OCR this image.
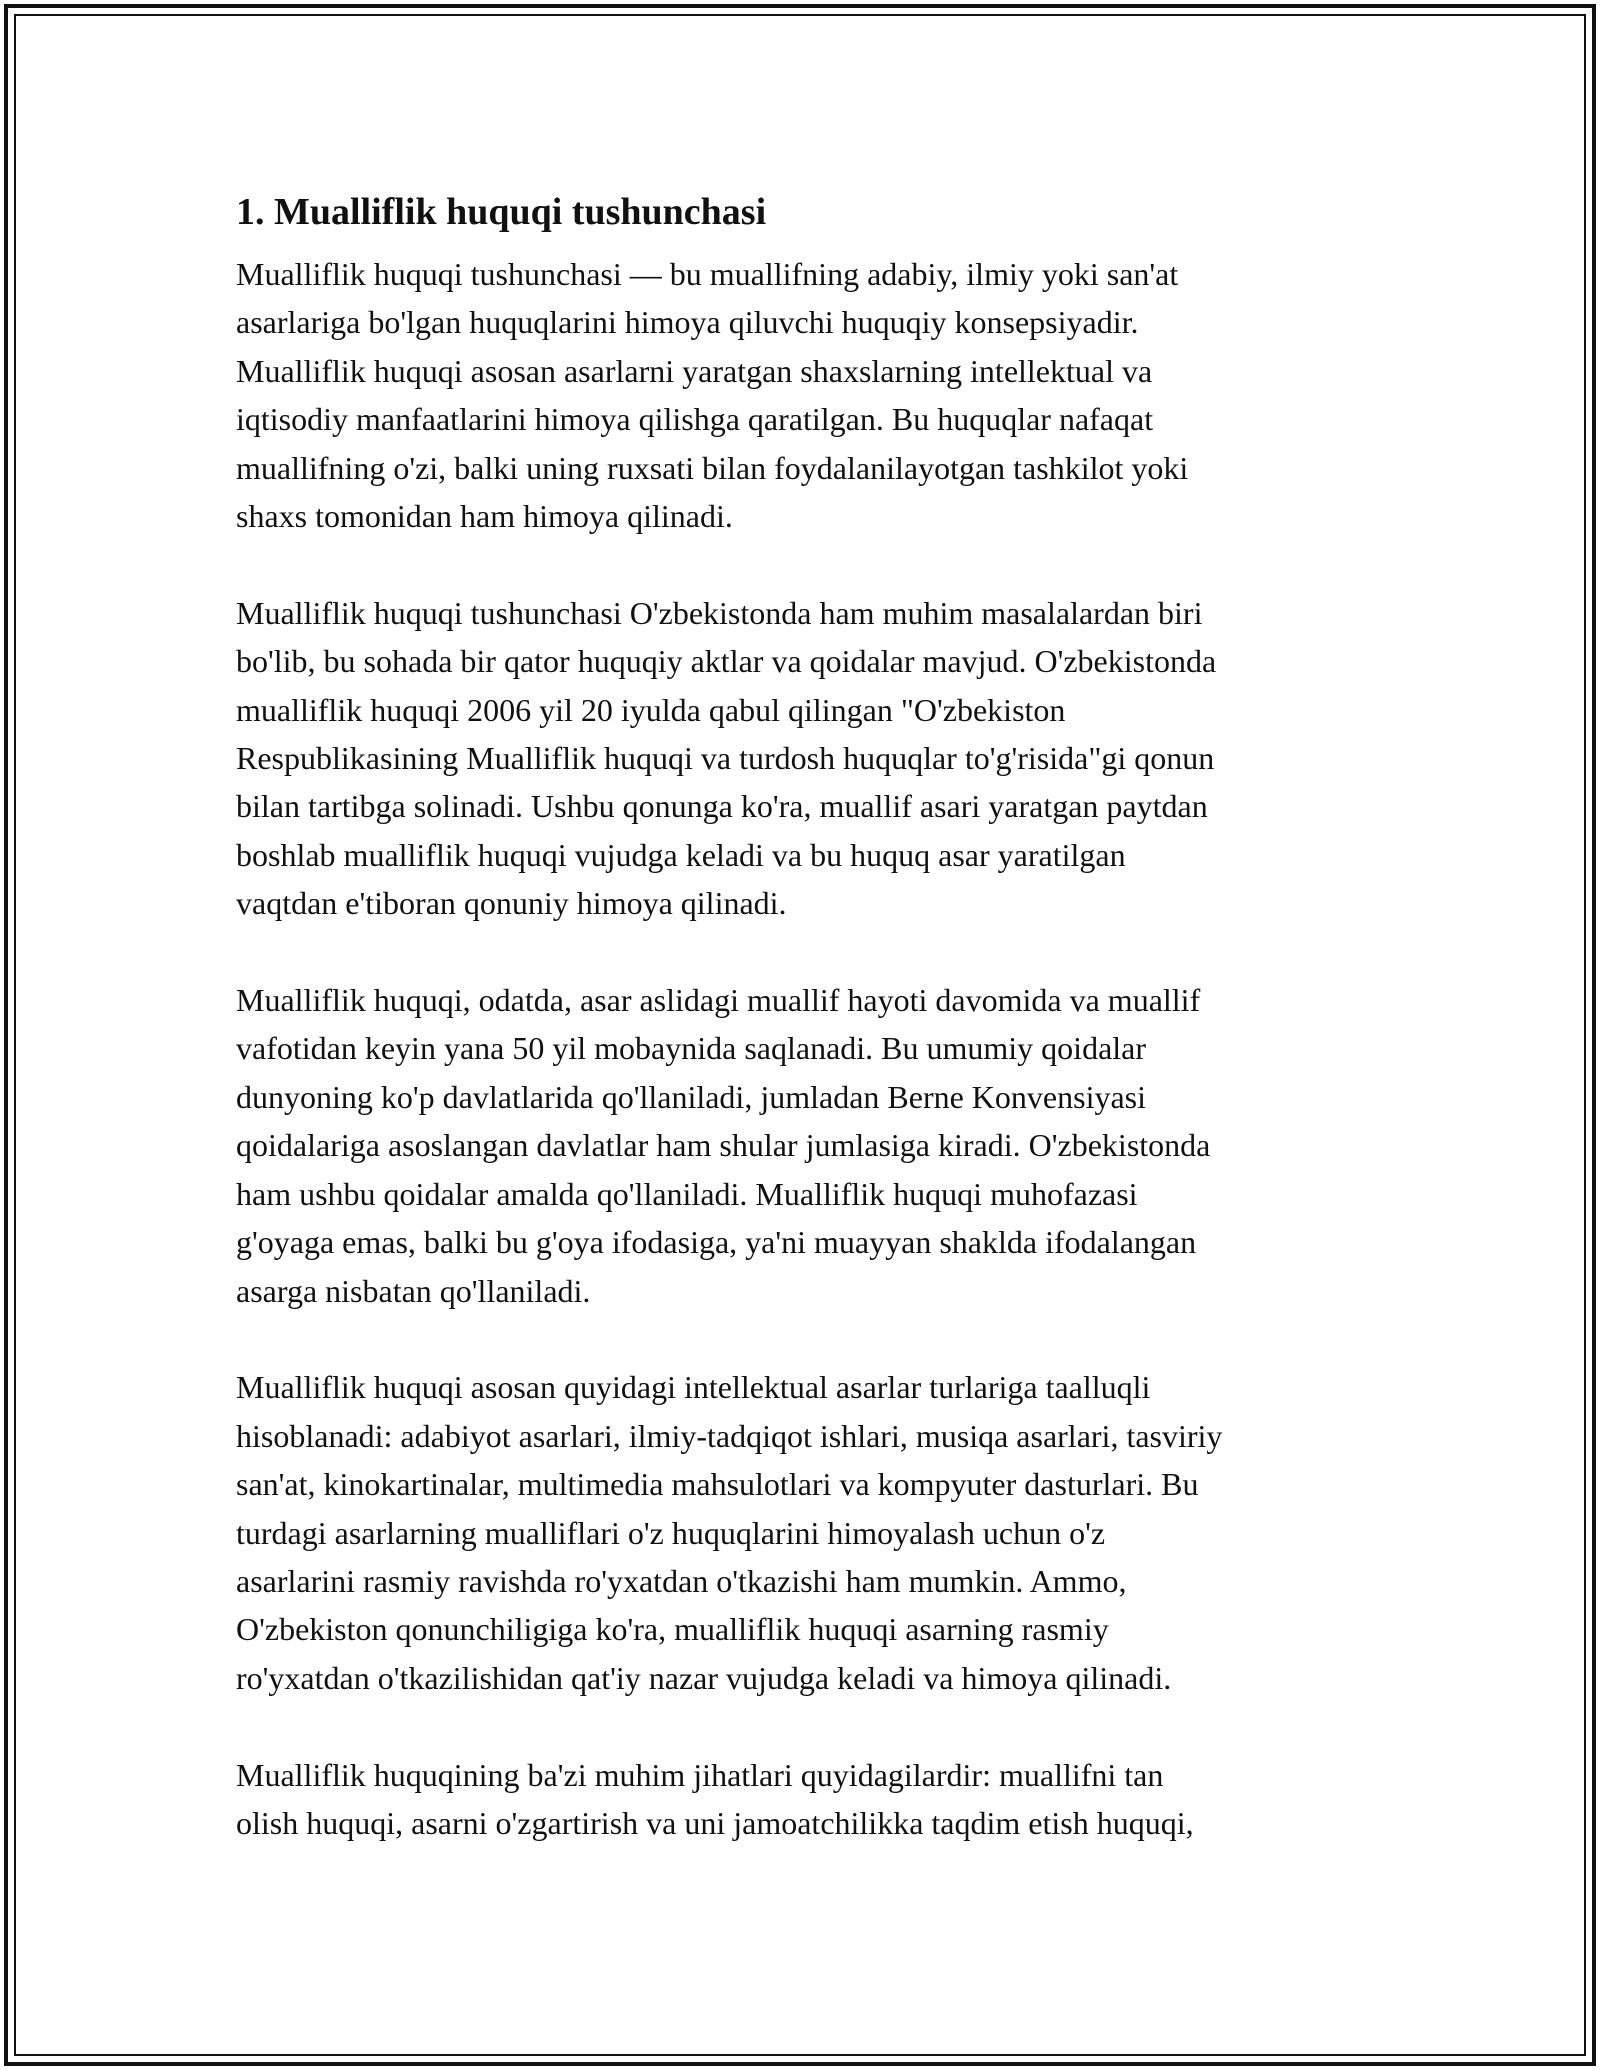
1. Mualliflik huquqi tushunchasi
Mualliflik huquqi tushunchasi — bu muallifning adabiy, ilmiy yoki san'at
asarlariga bo'lgan huquqlarini himoya qiluvchi huquqiy konsepsiyadir.
Mualliflik huquqi asosan asarlarni yaratgan shaxslarning intellektual va
iqtisodiy manfaatlarini himoya qilishga qaratilgan. Bu huquqlar nafaqat
muallifning o'zi, balki uning ruxsati bilan foydalanilayotgan tashkilot yoki
shaxs tomonidan ham himoya qilinadi.
Mualliflik huquqi tushunchasi O'zbekistonda ham muhim masalalardan biri
bo'lib, bu sohada bir qator huquqiy aktlar va qoidalar mavjud. O'zbekistonda
mualliflik huquqi 2006 yil 20 iyulda qabul qilingan "O'zbekiston
Respublikasining Mualliflik huquqi va turdosh huquqlar to'g'risida"gi qonun
bilan tartibga solinadi. Ushbu qonunga ko'ra, muallif asari yaratgan paytdan
boshlab mualliflik huquqi vujudga keladi va bu huquq asar yaratilgan
vaqtdan e'tiboran qonuniy himoya qilinadi.
Mualliflik huquqi, odatda, asar aslidagi muallif hayoti davomida va muallif
vafotidan keyin yana 50 yil mobaynida saqlanadi. Bu umumiy qoidalar
dunyoning ko'p davlatlarida qo'llaniladi, jumladan Berne Konvensiyasi
qoidalariga asoslangan davlatlar ham shular jumlasiga kiradi. O'zbekistonda
ham ushbu qoidalar amalda qo'llaniladi. Mualliflik huquqi muhofazasi
g'oyaga emas, balki bu g'oya ifodasiga, ya'ni muayyan shaklda ifodalangan
asarga nisbatan qo'llaniladi.
Mualliflik huquqi asosan quyidagi intellektual asarlar turlariga taalluqli
hisoblanadi: adabiyot asarlari, ilmiy-tadqiqot ishlari, musiqa asarlari, tasviriy
san'at, kinokartinalar, multimedia mahsulotlari va kompyuter dasturlari. Bu
turdagi asarlarning mualliflari o'z huquqlarini himoyalash uchun o'z
asarlarini rasmiy ravishda ro'yxatdan o'tkazishi ham mumkin. Ammo,
O'zbekiston qonunchiligiga ko'ra, mualliflik huquqi asarning rasmiy
ro'yxatdan o'tkazilishidan qat'iy nazar vujudga keladi va himoya qilinadi.
Mualliflik huquqining ba'zi muhim jihatlari quyidagilardir: muallifni tan
olish huquqi, asarni o'zgartirish va uni jamoatchilikka taqdim etish huquqi,
